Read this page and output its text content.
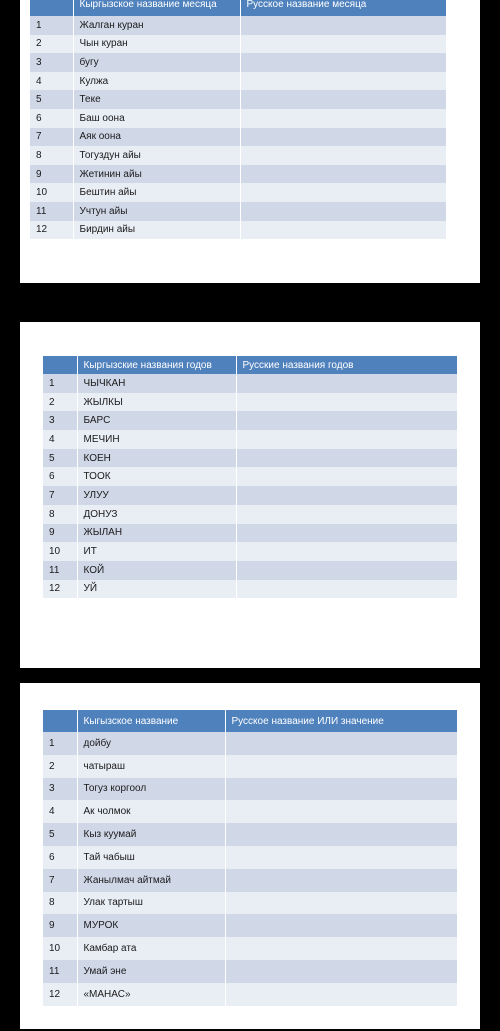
	Кыргызское название месяца	Русское название месяца
1	Жалган куран	
2	Чын куран	
3	бугу	
4	Кулжа	
5	Теке	
6	Баш оона	
7	Аяк оона	
8	Тогуздун айы	
9	Жетинин айы	
10	Бештин айы	
11	Учтун айы	
12	Бирдин айы	
	Кыргызские названия годов	Русские названия годов
1	ЧЫЧКАН	
2	ЖЫЛКЫ	
3	БАРС	
4	МЕЧИН	
5	КОЕН	
6	ТООК	
7	УЛУУ	
8	ДОНУЗ	
9	ЖЫЛАН	
10	ИТ	
11	КОЙ	
12	УЙ	
	Кыгызское название	Русское название ИЛИ значение
1	дойбу	
2	чатыраш	
3	Тогуз коргоол	
4	Ак чолмок	
5	Кыз куумай	
6	Тай чабыш	
7	Жанылмач айтмай	
8	Улак тартыш	
9	МУРОК	
10	Камбар ата	
11	Умай эне	
12	«МАНАС»	
